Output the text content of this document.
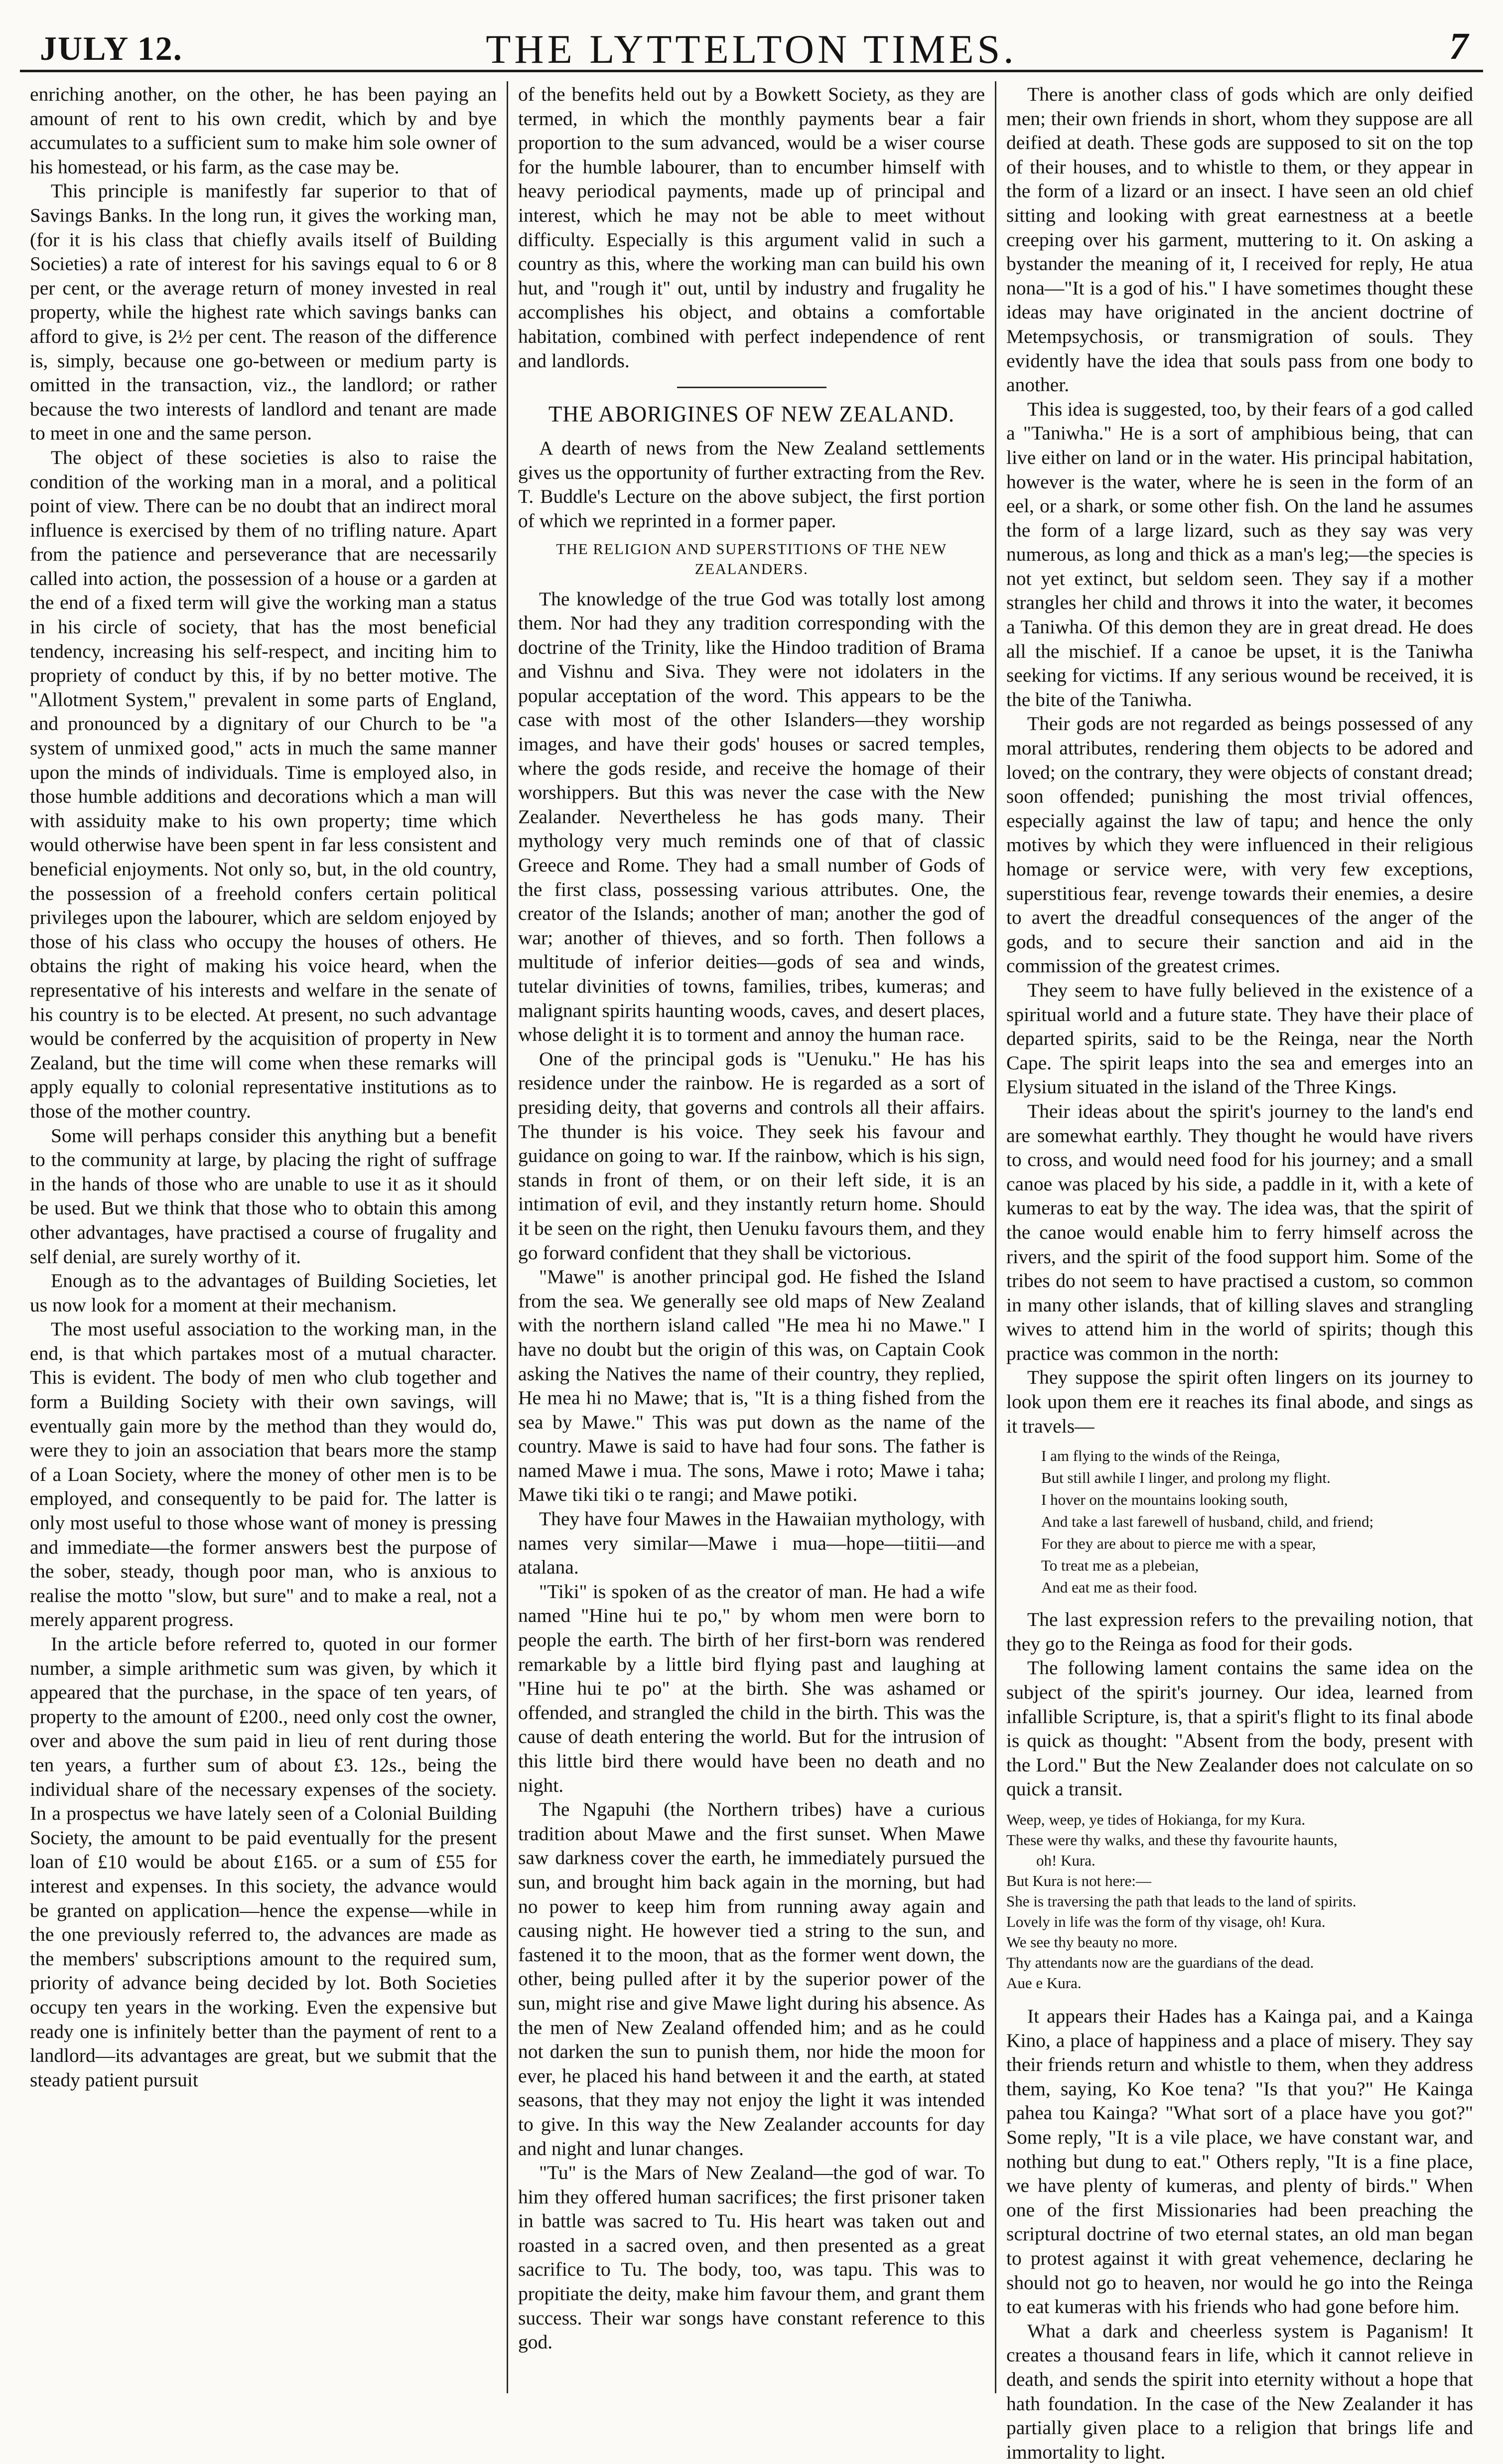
JULY 12.	THE LYTTELTON TIMES.	7

enriching another, on the other, he has been paying an amount of rent to his own credit, which by and bye accumulates to a sufficient sum to make him sole owner of his homestead, or his farm, as the case may be.

This principle is manifestly far superior to that of Savings Banks. In the long run, it gives the working man, (for it is his class that chiefly avails itself of Building Societies) a rate of interest for his savings equal to 6 or 8 per cent, or the average return of money invested in real property, while the highest rate which savings banks can afford to give, is 2½ per cent. The reason of the difference is, simply, because one go-between or medium party is omitted in the transaction, viz., the landlord; or rather because the two interests of landlord and tenant are made to meet in one and the same person.

The object of these societies is also to raise the condition of the working man in a moral, and a political point of view. There can be no doubt that an indirect moral influence is exercised by them of no trifling nature. Apart from the patience and perseverance that are necessarily called into action, the possession of a house or a garden at the end of a fixed term will give the working man a status in his circle of society, that has the most beneficial tendency, increasing his self-respect, and inciting him to propriety of conduct by this, if by no better motive. The "Allotment System," prevalent in some parts of England, and pronounced by a dignitary of our Church to be "a system of unmixed good," acts in much the same manner upon the minds of individuals. Time is employed also, in those humble additions and decorations which a man will with assiduity make to his own property; time which would otherwise have been spent in far less consistent and beneficial enjoyments. Not only so, but, in the old country, the possession of a freehold confers certain political privileges upon the labourer, which are seldom enjoyed by those of his class who occupy the houses of others. He obtains the right of making his voice heard, when the representative of his interests and welfare in the senate of his country is to be elected. At present, no such advantage would be conferred by the acquisition of property in New Zealand, but the time will come when these remarks will apply equally to colonial representative institutions as to those of the mother country.

Some will perhaps consider this anything but a benefit to the community at large, by placing the right of suffrage in the hands of those who are unable to use it as it should be used. But we think that those who to obtain this among other advantages, have practised a course of frugality and self denial, are surely worthy of it.

Enough as to the advantages of Building Societies, let us now look for a moment at their mechanism.

The most useful association to the working man, in the end, is that which partakes most of a mutual character. This is evident. The body of men who club together and form a Building Society with their own savings, will eventually gain more by the method than they would do, were they to join an association that bears more the stamp of a Loan Society, where the money of other men is to be employed, and consequently to be paid for. The latter is only most useful to those whose want of money is pressing and immediate—the former answers best the purpose of the sober, steady, though poor man, who is anxious to realise the motto "slow, but sure" and to make a real, not a merely apparent progress.

In the article before referred to, quoted in our former number, a simple arithmetic sum was given, by which it appeared that the purchase, in the space of ten years, of property to the amount of £200., need only cost the owner, over and above the sum paid in lieu of rent during those ten years, a further sum of about £3. 12s., being the individual share of the necessary expenses of the society. In a prospectus we have lately seen of a Colonial Building Society, the amount to be paid eventually for the present loan of £10 would be about £165. or a sum of £55 for interest and expenses. In this society, the advance would be granted on application—hence the expense—while in the one previously referred to, the advances are made as the members' subscriptions amount to the required sum, priority of advance being decided by lot. Both Societies occupy ten years in the working. Even the expensive but ready one is infinitely better than the payment of rent to a landlord—its advantages are great, but we submit that the steady patient pursuit

of the benefits held out by a Bowkett Society, as they are termed, in which the monthly payments bear a fair proportion to the sum advanced, would be a wiser course for the humble labourer, than to encumber himself with heavy periodical payments, made up of principal and interest, which he may not be able to meet without difficulty. Especially is this argument valid in such a country as this, where the working man can build his own hut, and "rough it" out, until by industry and frugality he accomplishes his object, and obtains a comfortable habitation, combined with perfect independence of rent and landlords.

THE ABORIGINES OF NEW ZEALAND.

A dearth of news from the New Zealand settlements gives us the opportunity of further extracting from the Rev. T. Buddle's Lecture on the above subject, the first portion of which we reprinted in a former paper.

THE RELIGION AND SUPERSTITIONS OF THE NEW ZEALANDERS.

The knowledge of the true God was totally lost among them. Nor had they any tradition corresponding with the doctrine of the Trinity, like the Hindoo tradition of Brama and Vishnu and Siva. They were not idolaters in the popular acceptation of the word. This appears to be the case with most of the other Islanders—they worship images, and have their gods' houses or sacred temples, where the gods reside, and receive the homage of their worshippers. But this was never the case with the New Zealander. Nevertheless he has gods many. Their mythology very much reminds one of that of classic Greece and Rome. They had a small number of Gods of the first class, possessing various attributes. One, the creator of the Islands; another of man; another the god of war; another of thieves, and so forth. Then follows a multitude of inferior deities—gods of sea and winds, tutelar divinities of towns, families, tribes, kumeras; and malignant spirits haunting woods, caves, and desert places, whose delight it is to torment and annoy the human race.

One of the principal gods is "Uenuku." He has his residence under the rainbow. He is regarded as a sort of presiding deity, that governs and controls all their affairs. The thunder is his voice. They seek his favour and guidance on going to war. If the rainbow, which is his sign, stands in front of them, or on their left side, it is an intimation of evil, and they instantly return home. Should it be seen on the right, then Uenuku favours them, and they go forward confident that they shall be victorious.

"Mawe" is another principal god. He fished the Island from the sea. We generally see old maps of New Zealand with the northern island called "He mea hi no Mawe." I have no doubt but the origin of this was, on Captain Cook asking the Natives the name of their country, they replied, He mea hi no Mawe; that is, "It is a thing fished from the sea by Mawe." This was put down as the name of the country. Mawe is said to have had four sons. The father is named Mawe i mua. The sons, Mawe i roto; Mawe i taha; Mawe tiki tiki o te rangi; and Mawe potiki.

They have four Mawes in the Hawaiian mythology, with names very similar—Mawe i mua—hope—tiitii—and atalana.

"Tiki" is spoken of as the creator of man. He had a wife named "Hine hui te po," by whom men were born to people the earth. The birth of her first-born was rendered remarkable by a little bird flying past and laughing at "Hine hui te po" at the birth. She was ashamed or offended, and strangled the child in the birth. This was the cause of death entering the world. But for the intrusion of this little bird there would have been no death and no night.

The Ngapuhi (the Northern tribes) have a curious tradition about Mawe and the first sunset. When Mawe saw darkness cover the earth, he immediately pursued the sun, and brought him back again in the morning, but had no power to keep him from running away again and causing night. He however tied a string to the sun, and fastened it to the moon, that as the former went down, the other, being pulled after it by the superior power of the sun, might rise and give Mawe light during his absence. As the men of New Zealand offended him; and as he could not darken the sun to punish them, nor hide the moon for ever, he placed his hand between it and the earth, at stated seasons, that they may not enjoy the light it was intended to give. In this way the New Zealander accounts for day and night and lunar changes.

"Tu" is the Mars of New Zealand—the god of war. To him they offered human sacrifices; the first prisoner taken in battle was sacred to Tu. His heart was taken out and roasted in a sacred oven, and then presented as a great sacrifice to Tu. The body, too, was tapu. This was to propitiate the deity, make him favour them, and grant them success. Their war songs have constant reference to this god.

There is another class of gods which are only deified men; their own friends in short, whom they suppose are all deified at death. These gods are supposed to sit on the top of their houses, and to whistle to them, or they appear in the form of a lizard or an insect. I have seen an old chief sitting and looking with great earnestness at a beetle creeping over his garment, muttering to it. On asking a bystander the meaning of it, I received for reply, He atua nona—"It is a god of his." I have sometimes thought these ideas may have originated in the ancient doctrine of Metempsychosis, or transmigration of souls. They evidently have the idea that souls pass from one body to another.

This idea is suggested, too, by their fears of a god called a "Taniwha." He is a sort of amphibious being, that can live either on land or in the water. His principal habitation, however is the water, where he is seen in the form of an eel, or a shark, or some other fish. On the land he assumes the form of a large lizard, such as they say was very numerous, as long and thick as a man's leg;—the species is not yet extinct, but seldom seen. They say if a mother strangles her child and throws it into the water, it becomes a Taniwha. Of this demon they are in great dread. He does all the mischief. If a canoe be upset, it is the Taniwha seeking for victims. If any serious wound be received, it is the bite of the Taniwha.

Their gods are not regarded as beings possessed of any moral attributes, rendering them objects to be adored and loved; on the contrary, they were objects of constant dread; soon offended; punishing the most trivial offences, especially against the law of tapu; and hence the only motives by which they were influenced in their religious homage or service were, with very few exceptions, superstitious fear, revenge towards their enemies, a desire to avert the dreadful consequences of the anger of the gods, and to secure their sanction and aid in the commission of the greatest crimes.

They seem to have fully believed in the existence of a spiritual world and a future state. They have their place of departed spirits, said to be the Reinga, near the North Cape. The spirit leaps into the sea and emerges into an Elysium situated in the island of the Three Kings.

Their ideas about the spirit's journey to the land's end are somewhat earthly. They thought he would have rivers to cross, and would need food for his journey; and a small canoe was placed by his side, a paddle in it, with a kete of kumeras to eat by the way. The idea was, that the spirit of the canoe would enable him to ferry himself across the rivers, and the spirit of the food support him. Some of the tribes do not seem to have practised a custom, so common in many other islands, that of killing slaves and strangling wives to attend him in the world of spirits; though this practice was common in the north:

They suppose the spirit often lingers on its journey to look upon them ere it reaches its final abode, and sings as it travels—

I am flying to the winds of the Reinga,
But still awhile I linger, and prolong my flight.
I hover on the mountains looking south,
And take a last farewell of husband, child, and friend;
For they are about to pierce me with a spear,
To treat me as a plebeian,
And eat me as their food.

The last expression refers to the prevailing notion, that they go to the Reinga as food for their gods.

The following lament contains the same idea on the subject of the spirit's journey. Our idea, learned from infallible Scripture, is, that a spirit's flight to its final abode is quick as thought: "Absent from the body, present with the Lord." But the New Zealander does not calculate on so quick a transit.

Weep, weep, ye tides of Hokianga, for my Kura.
These were thy walks, and these thy favourite haunts,
oh! Kura.
But Kura is not here:—
She is traversing the path that leads to the land of spirits.
Lovely in life was the form of thy visage, oh! Kura.
We see thy beauty no more.
Thy attendants now are the guardians of the dead.
Aue e Kura.

It appears their Hades has a Kainga pai, and a Kainga Kino, a place of happiness and a place of misery. They say their friends return and whistle to them, when they address them, saying, Ko Koe tena? "Is that you?" He Kainga pahea tou Kainga? "What sort of a place have you got?" Some reply, "It is a vile place, we have constant war, and nothing but dung to eat." Others reply, "It is a fine place, we have plenty of kumeras, and plenty of birds." When one of the first Missionaries had been preaching the scriptural doctrine of two eternal states, an old man began to protest against it with great vehemence, declaring he should not go to heaven, nor would he go into the Reinga to eat kumeras with his friends who had gone before him.

What a dark and cheerless system is Paganism! It creates a thousand fears in life, which it cannot relieve in death, and sends the spirit into eternity without a hope that hath foundation. In the case of the New Zealander it has partially given place to a religion that brings life and immortality to light.
